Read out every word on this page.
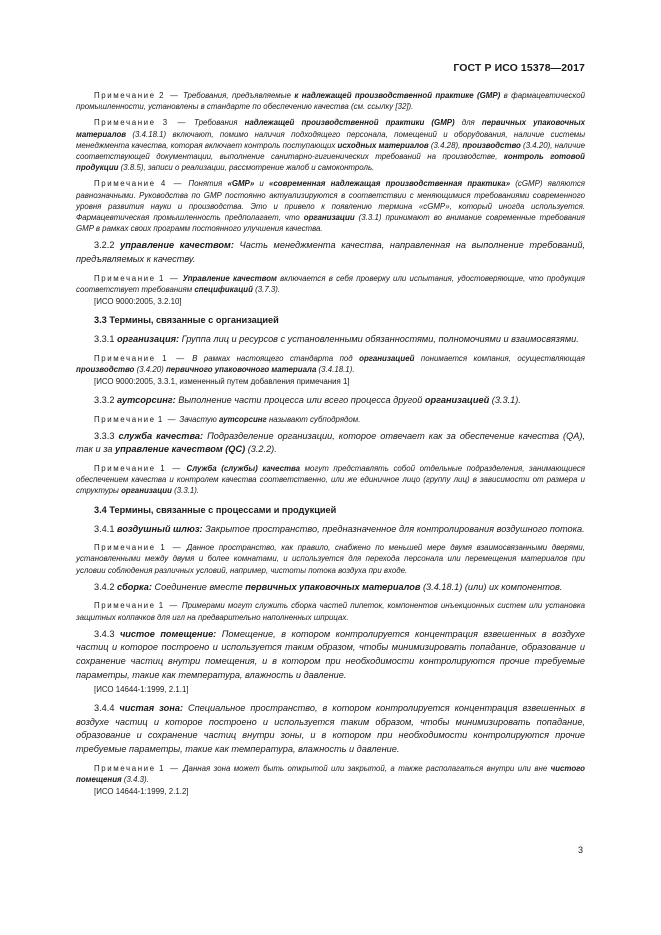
ГОСТ Р ИСО 15378—2017

Примечание 2 — Требования, предъявляемые к надлежащей производственной практике (GMP) в фармацевтической промышленности, установлены в стандарте по обеспечению качества (см. ссылку [32]).

Примечание 3 — Требования надлежащей производственной практики (GMP) для первичных упаковочных материалов (3.4.18.1) включают, помимо наличия подходящего персонала, помещений и оборудования, наличие системы менеджмента качества, которая включает контроль поступающих исходных материалов (3.4.28), производство (3.4.20), наличие соответствующей документации, выполнение санитарно-гигиенических требований на производстве, контроль готовой продукции (3.8.5), записи о реализации, рассмотрение жалоб и самоконтроль.

Примечание 4 — Понятия «GMP» и «современная надлежащая производственная практика» (cGMP) являются равнозначными. Руководства по GMP постоянно актуализируются в соответствии с меняющимися требованиями современного уровня развития науки и производства. Это и привело к появлению термина «cGMP», который иногда используется. Фармацевтическая промышленность предполагает, что организации (3.3.1) принимают во внимание современные требования GMP в рамках своих программ постоянного улучшения качества.

3.2.2 управление качеством: Часть менеджмента качества, направленная на выполнение требований, предъявляемых к качеству.

Примечание 1 — Управление качеством включается в себя проверку или испытания, удостоверяющие, что продукция соответствует требованиям спецификаций (3.7.3).

[ИСО 9000:2005, 3.2.10]

3.3 Термины, связанные с организацией

3.3.1 организация: Группа лиц и ресурсов с установленными обязанностями, полномочиями и взаимосвязями.

Примечание 1 — В рамках настоящего стандарта под организацией понимается компания, осуществляющая производство (3.4.20) первичного упаковочного материала (3.4.18.1).

[ИСО 9000:2005, 3.3.1, измененный путем добавления примечания 1]

3.3.2 аутсорсинг: Выполнение части процесса или всего процесса другой организацией (3.3.1).

Примечание 1 — Зачастую аутсорсинг называют субподрядом.

3.3.3 служба качества: Подразделение организации, которое отвечает как за обеспечение качества (QA), так и за управление качеством (QC) (3.2.2).

Примечание 1 — Служба (службы) качества могут представлять собой отдельные подразделения, занимающиеся обеспечением качества и контролем качества соответственно, или же единичное лицо (группу лиц) в зависимости от размера и структуры организации (3.3.1).

3.4 Термины, связанные с процессами и продукцией

3.4.1 воздушный шлюз: Закрытое пространство, предназначенное для контролирования воздушного потока.

Примечание 1 — Данное пространство, как правило, снабжено по меньшей мере двумя взаимосвязанными дверями, установленными между двумя и более комнатами, и используется для перехода персонала или перемещения материалов при условии соблюдения различных условий, например, чистоты потока воздуха при входе.

3.4.2 сборка: Соединение вместе первичных упаковочных материалов (3.4.18.1) (или) их компонентов.

Примечание 1 — Примерами могут служить сборка частей пипеток, компонентов инъекционных систем или установка защитных колпачков для игл на предварительно наполненных шприцах.

3.4.3 чистое помещение: Помещение, в котором контролируется концентрация взвешенных в воздухе частиц и которое построено и используется таким образом, чтобы минимизировать попадание, образование и сохранение частиц внутри помещения, и в котором при необходимости контролируются прочие требуемые параметры, такие как температура, влажность и давление.

[ИСО 14644-1:1999, 2.1.1]

3.4.4 чистая зона: Специальное пространство, в котором контролируется концентрация взвешенных в воздухе частиц и которое построено и используется таким образом, чтобы минимизировать попадание, образование и сохранение частиц внутри зоны, и в котором при необходимости контролируются прочие требуемые параметры, такие как температура, влажность и давление.

Примечание 1 — Данная зона может быть открытой или закрытой, а также располагаться внутри или вне чистого помещения (3.4.3).

[ИСО 14644-1:1999, 2.1.2]

3
